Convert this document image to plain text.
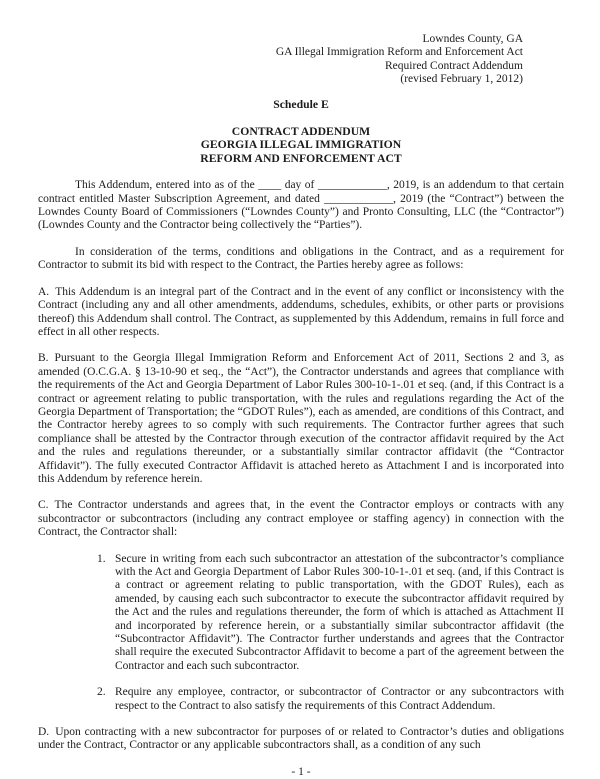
Lowndes County, GA
GA Illegal Immigration Reform and Enforcement Act
Required Contract Addendum
(revised February 1, 2012)
Schedule E
CONTRACT ADDENDUM
GEORGIA ILLEGAL IMMIGRATION
REFORM AND ENFORCEMENT ACT

This Addendum, entered into as of the ____ day of ____________, 2019, is an addendum to that certain contract entitled Master Subscription Agreement, and dated ____________, 2019 (the “Contract”) between the Lowndes County Board of Commissioners (“Lowndes County”) and Pronto Consulting, LLC (the “Contractor”) (Lowndes County and the Contractor being collectively the “Parties”).

In consideration of the terms, conditions and obligations in the Contract, and as a requirement for Contractor to submit its bid with respect to the Contract, the Parties hereby agree as follows:

A. This Addendum is an integral part of the Contract and in the event of any conflict or inconsistency with the Contract (including any and all other amendments, addendums, schedules, exhibits, or other parts or provisions thereof) this Addendum shall control. The Contract, as supplemented by this Addendum, remains in full force and effect in all other respects.

B. Pursuant to the Georgia Illegal Immigration Reform and Enforcement Act of 2011, Sections 2 and 3, as amended (O.C.G.A. § 13-10-90 et seq., the “Act”), the Contractor understands and agrees that compliance with the requirements of the Act and Georgia Department of Labor Rules 300-10-1-.01 et seq. (and, if this Contract is a contract or agreement relating to public transportation, with the rules and regulations regarding the Act of the Georgia Department of Transportation; the “GDOT Rules”), each as amended, are conditions of this Contract, and the Contractor hereby agrees to so comply with such requirements. The Contractor further agrees that such compliance shall be attested by the Contractor through execution of the contractor affidavit required by the Act and the rules and regulations thereunder, or a substantially similar contractor affidavit (the “Contractor Affidavit”). The fully executed Contractor Affidavit is attached hereto as Attachment I and is incorporated into this Addendum by reference herein.

C. The Contractor understands and agrees that, in the event the Contractor employs or contracts with any subcontractor or subcontractors (including any contract employee or staffing agency) in connection with the Contract, the Contractor shall:

1. Secure in writing from each such subcontractor an attestation of the subcontractor’s compliance with the Act and Georgia Department of Labor Rules 300-10-1-.01 et seq. (and, if this Contract is a contract or agreement relating to public transportation, with the GDOT Rules), each as amended, by causing each such subcontractor to execute the subcontractor affidavit required by the Act and the rules and regulations thereunder, the form of which is attached as Attachment II and incorporated by reference herein, or a substantially similar subcontractor affidavit (the “Subcontractor Affidavit”). The Contractor further understands and agrees that the Contractor shall require the executed Subcontractor Affidavit to become a part of the agreement between the Contractor and each such subcontractor.
2. Require any employee, contractor, or subcontractor of Contractor or any subcontractors with respect to the Contract to also satisfy the requirements of this Contract Addendum.

D. Upon contracting with a new subcontractor for purposes of or related to Contractor’s duties and obligations under the Contract, Contractor or any applicable subcontractors shall, as a condition of any such

- 1 -
